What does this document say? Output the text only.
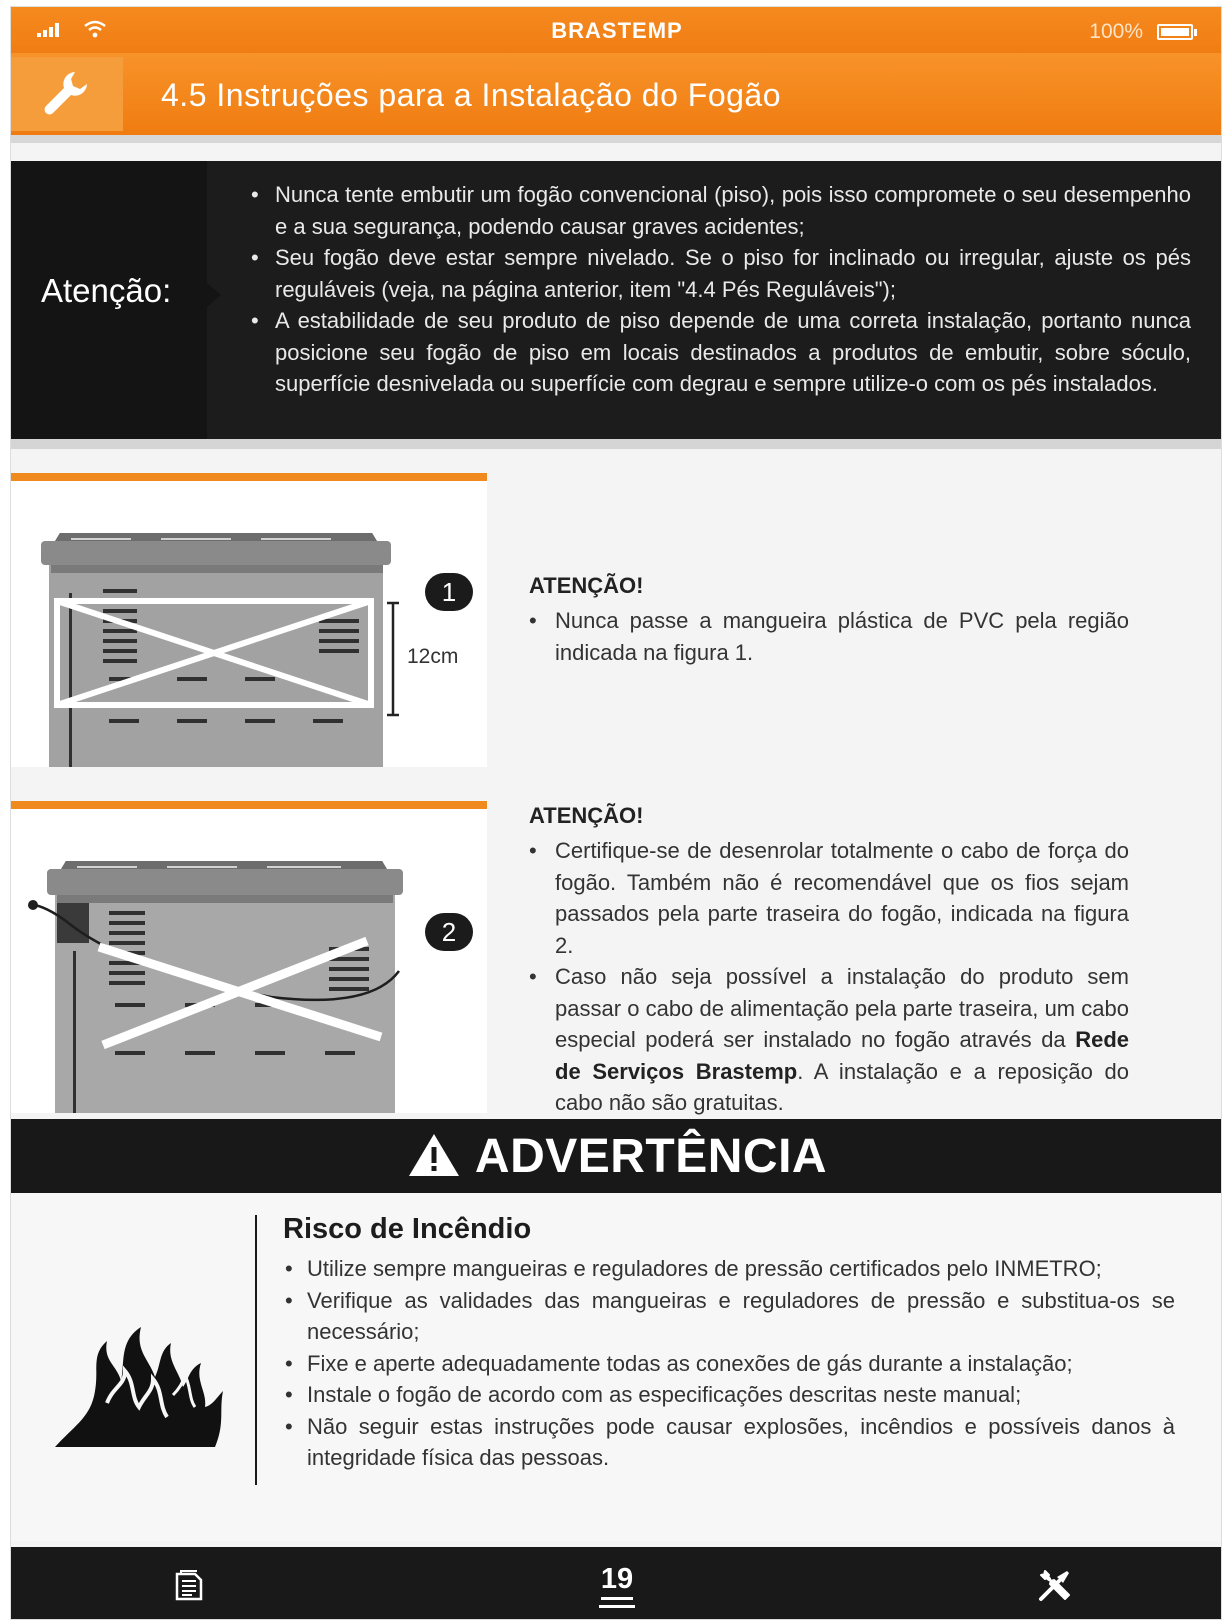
BRASTEMP	100%
4.5 Instruções para a Instalação do Fogão
Atenção:
• Nunca tente embutir um fogão convencional (piso), pois isso compromete o seu desempenho e a sua segurança, podendo causar graves acidentes;
• Seu fogão deve estar sempre nivelado. Se o piso for inclinado ou irregular, ajuste os pés reguláveis (veja, na página anterior, item "4.4 Pés Reguláveis");
• A estabilidade de seu produto de piso depende de uma correta instalação, portanto nunca posicione seu fogão de piso em locais destinados a produtos de embutir, sobre sóculo, superfície desnivelada ou superfície com degrau e sempre utilize-o com os pés instalados.
1
12cm
ATENÇÃO!
• Nunca passe a mangueira plástica de PVC pela região indicada na figura 1.
2
ATENÇÃO!
• Certifique-se de desenrolar totalmente o cabo de força do fogão. Também não é recomendável que os fios sejam passados pela parte traseira do fogão, indicada na figura 2.
• Caso não seja possível a instalação do produto sem passar o cabo de alimentação pela parte traseira, um cabo especial poderá ser instalado no fogão através da Rede de Serviços Brastemp. A instalação e a reposição do cabo não são gratuitas.
ADVERTÊNCIA
Risco de Incêndio
• Utilize sempre mangueiras e reguladores de pressão certificados pelo INMETRO;
• Verifique as validades das mangueiras e reguladores de pressão e substitua-os se necessário;
• Fixe e aperte adequadamente todas as conexões de gás durante a instalação;
• Instale o fogão de acordo com as especificações descritas neste manual;
• Não seguir estas instruções pode causar explosões, incêndios e possíveis danos à integridade física das pessoas.
19
